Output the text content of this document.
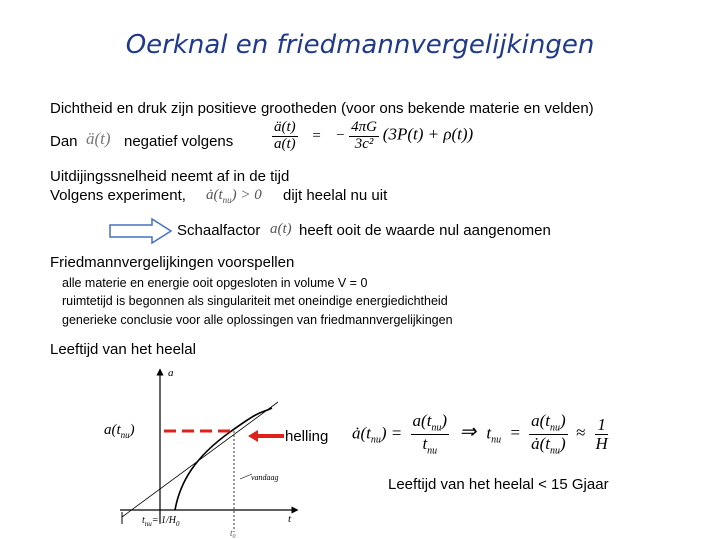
Oerknal en friedmannvergelijkingen
Dichtheid en druk zijn positieve grootheden (voor ons bekende materie en velden)
Dan ä(t) negatief volgens	$\frac{ä(t)}{a(t)}$ = − $\frac{4\pi G}{\text{3c²}} (3P(t) + \rho(t))$
Uitdijingssnelheid neemt af in de tijd
Volgens experiment, $ȧ(t_{nu}) > 0$ dijt heelal nu uit
Schaalfactor a(t) heeft ooit de waarde nul aangenomen
Friedmannvergelijkingen voorspellen
alle materie en energie ooit opgesloten in volume V = 0
ruimtetijd is begonnen als singulariteit met oneindige energiedichtheid
generieke conclusie voor alle oplossingen van friedmannvergelijkingen
Leeftijd van het heelal
a
t
vandaag
$t_{nu}= 1/H_0$
$t_0$
$a(t_{nu})$	helling $ȧ(t_{nu}) = \frac{a(t_{nu})}{t_{nu}}$ ⇒ $t_{nu} = \frac{a(t_{nu})}{ȧ(t_{nu})} \approx \frac{1}{H}$
Leeftijd van het heelal < 15 Gjaar
